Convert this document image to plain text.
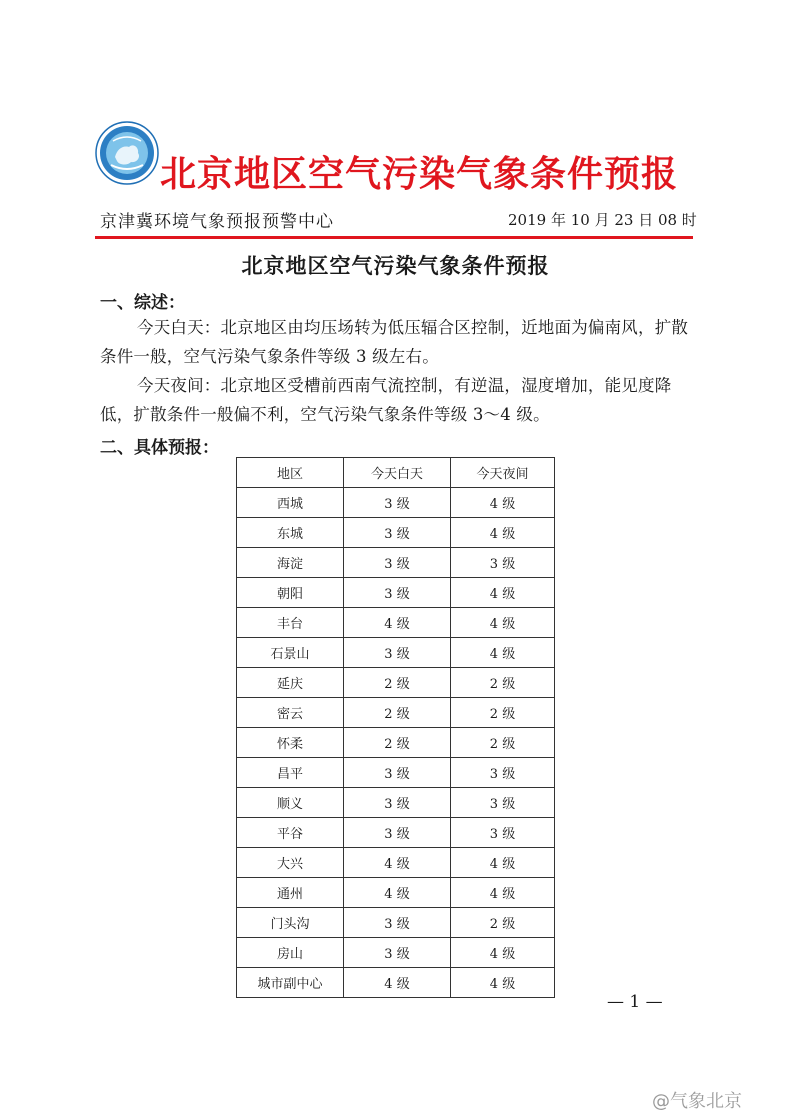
北京地区空气污染气象条件预报
京津冀环境气象预报预警中心	2019 年 10 月 23 日 08 时
北京地区空气污染气象条件预报
一、综述：
今天白天：北京地区由均压场转为低压辐合区控制，近地面为偏南风，扩散条件一般，空气污染气象条件等级 3 级左右。
今天夜间：北京地区受槽前西南气流控制，有逆温，湿度增加，能见度降低，扩散条件一般偏不利，空气污染气象条件等级 3～4 级。
二、具体预报：
地区	今天白天	今天夜间
西城	3 级	4 级
东城	3 级	4 级
海淀	3 级	3 级
朝阳	3 级	4 级
丰台	4 级	4 级
石景山	3 级	4 级
延庆	2 级	2 级
密云	2 级	2 级
怀柔	2 级	2 级
昌平	3 级	3 级
顺义	3 级	3 级
平谷	3 级	3 级
大兴	4 级	4 级
通州	4 级	4 级
门头沟	3 级	2 级
房山	3 级	4 级
城市副中心	4 级	4 级
— 1 —
@气象北京
